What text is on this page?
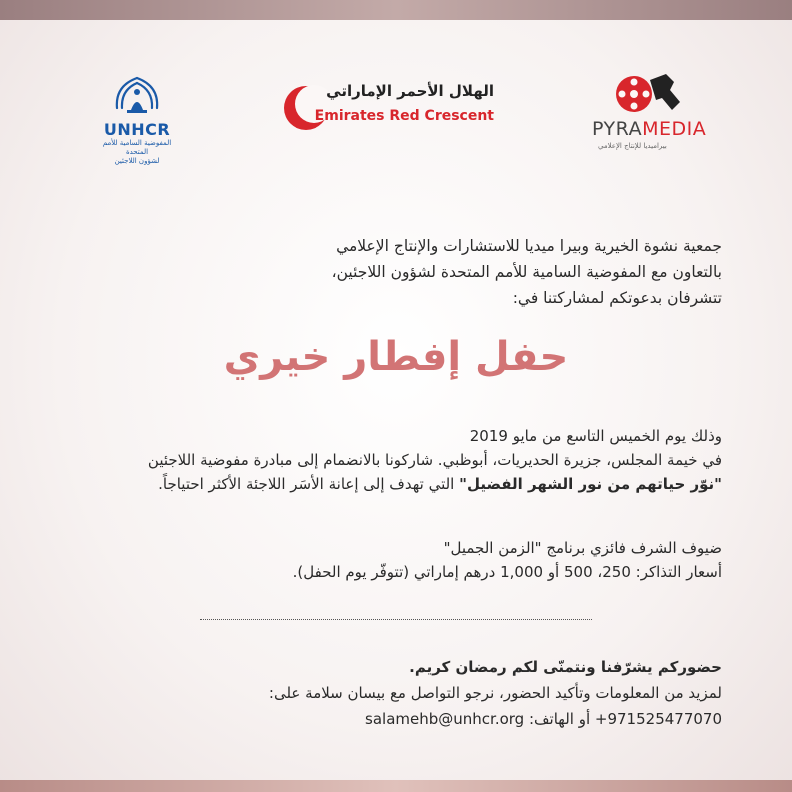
UNHCR
المفوضية السامية للأمم المتحدة
لشؤون اللاجئين
الهلال الأحمر الإماراتي
Emirates Red Crescent
PYRAMEDIA
بيراميديا للإنتاج الإعلامي
جمعية نشوة الخيرية وبيرا ميديا للاستشارات والإنتاج الإعلامي
بالتعاون مع المفوضية السامية للأمم المتحدة لشؤون اللاجئين،
تتشرفان بدعوتكم لمشاركتنا في:
حفل إفطار خيري
وذلك يوم الخميس التاسع من مايو 2019
في خيمة المجلس، جزيرة الحديريات، أبوظبي. شاركونا بالانضمام إلى مبادرة مفوضية اللاجئين
"نوّر حياتهم من نور الشهر الفضيل" التي تهدف إلى إعانة الأسَر اللاجئة الأكثر احتياجاً.
ضيوف الشرف فائزي برنامج "الزمن الجميل"
أسعار التذاكر: 250، 500 أو 1,000 درهم إماراتي (تتوفّر يوم الحفل).
حضوركم يشرّفنا ونتمنّى لكم رمضان كريم.
لمزيد من المعلومات وتأكيد الحضور، نرجو التواصل مع بيسان سلامة على:
+971525477070 أو الهاتف: salamehb@unhcr.org
